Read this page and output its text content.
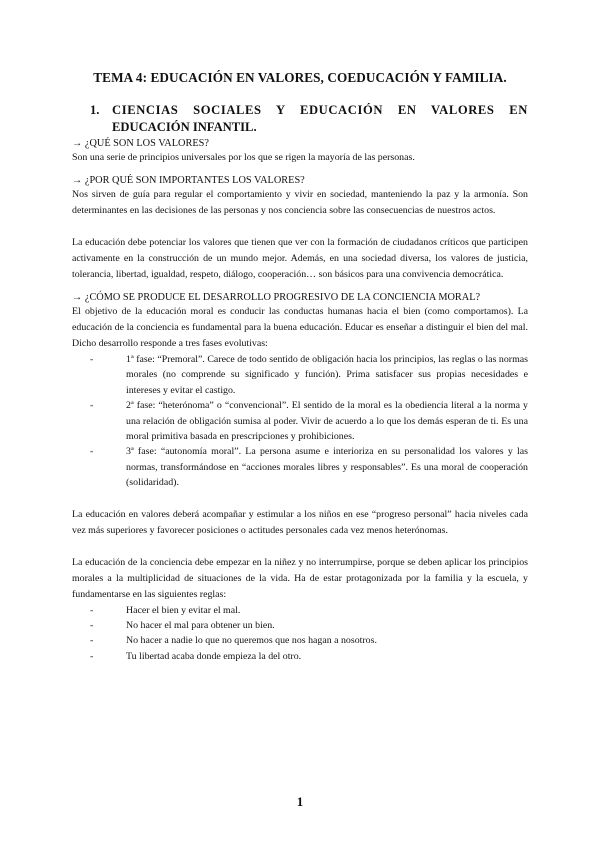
TEMA 4: EDUCACIÓN EN VALORES, COEDUCACIÓN Y FAMILIA.
1. CIENCIAS SOCIALES Y EDUCACIÓN EN VALORES EN
EDUCACIÓN INFANTIL.

→ ¿QUÉ SON LOS VALORES?

Son una serie de principios universales por los que se rigen la mayoría de las personas.

→ ¿POR QUÉ SON IMPORTANTES LOS VALORES?

Nos sirven de guía para regular el comportamiento y vivir en sociedad, manteniendo la paz y la armonía. Son determinantes en las decisiones de las personas y nos conciencia sobre las consecuencias de nuestros actos.

La educación debe potenciar los valores que tienen que ver con la formación de ciudadanos críticos que participen activamente en la construcción de un mundo mejor. Además, en una sociedad diversa, los valores de justicia, tolerancia, libertad, igualdad, respeto, diálogo, cooperación… son básicos para una convivencia democrática.

→ ¿CÓMO SE PRODUCE EL DESARROLLO PROGRESIVO DE LA CONCIENCIA MORAL?

El objetivo de la educación moral es conducir las conductas humanas hacia el bien (como comportamos). La educación de la conciencia es fundamental para la buena educación. Educar es enseñar a distinguir el bien del mal. Dicho desarrollo responde a tres fases evolutivas:

-	1ª fase: “Premoral”. Carece de todo sentido de obligación hacia los principios, las reglas o las normas morales (no comprende su significado y función). Prima satisfacer sus propias necesidades e intereses y evitar el castigo.
-	2ª fase: “heterónoma” o “convencional”. El sentido de la moral es la obediencia literal a la norma y una relación de obligación sumisa al poder. Vivir de acuerdo a lo que los demás esperan de ti. Es una moral primitiva basada en prescripciones y prohibiciones.
-	3ª fase: “autonomía moral”. La persona asume e interioriza en su personalidad los valores y las normas, transformándose en “acciones morales libres y responsables”. Es una moral de cooperación (solidaridad).

La educación en valores deberá acompañar y estimular a los niños en ese “progreso personal” hacia niveles cada vez más superiores y favorecer posiciones o actitudes personales cada vez menos heterónomas.

La educación de la conciencia debe empezar en la niñez y no interrumpirse, porque se deben aplicar los principios morales a la multiplicidad de situaciones de la vida. Ha de estar protagonizada por la familia y la escuela, y fundamentarse en las siguientes reglas:

-	Hacer el bien y evitar el mal.
-	No hacer el mal para obtener un bien.
-	No hacer a nadie lo que no queremos que nos hagan a nosotros.
-	Tu libertad acaba donde empieza la del otro.
1
